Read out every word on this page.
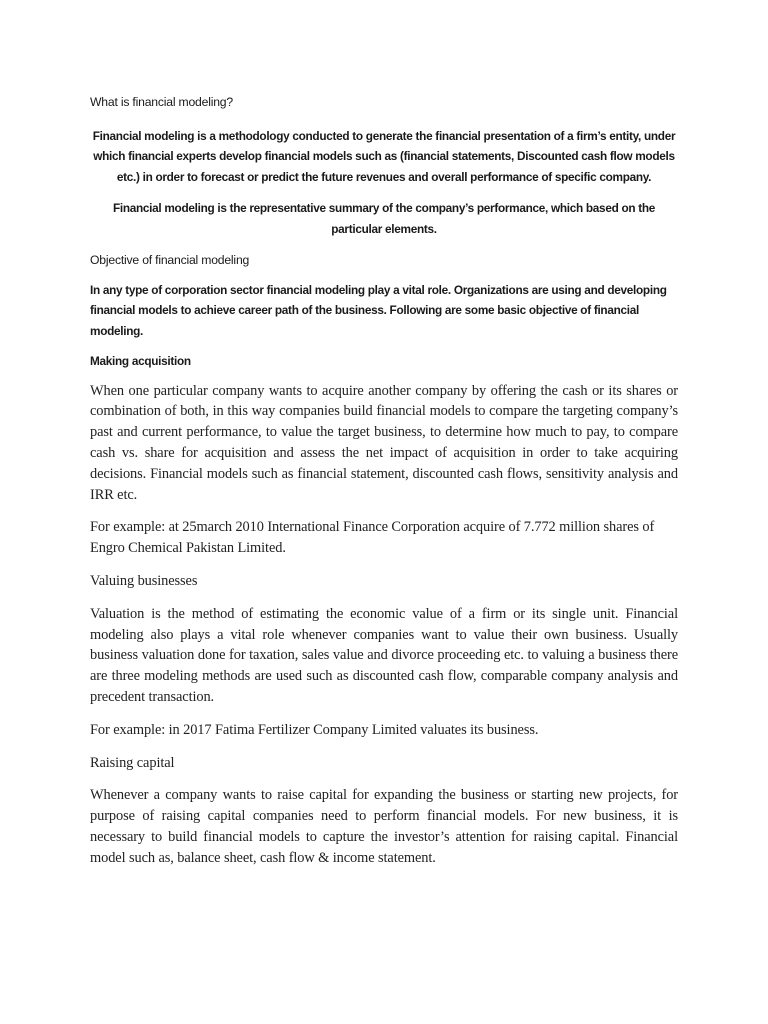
What is financial modeling?

Financial modeling is a methodology conducted to generate the financial presentation of a firm’s entity, under which financial experts develop financial models such as (financial statements, Discounted cash flow models etc.) in order to forecast or predict the future revenues and overall performance of specific company.

Financial modeling is the representative summary of the company’s performance, which based on the particular elements.

Objective of financial modeling

In any type of corporation sector financial modeling play a vital role. Organizations are using and developing financial models to achieve career path of the business. Following are some basic objective of financial modeling.

Making acquisition

When one particular company wants to acquire another company by offering the cash or its shares or combination of both, in this way companies build financial models to compare the targeting company’s past and current performance, to value the target business, to determine how much to pay, to compare cash vs. share for acquisition and assess the net impact of acquisition in order to take acquiring decisions. Financial models such as financial statement, discounted cash flows, sensitivity analysis and IRR etc.

For example: at 25march 2010 International Finance Corporation acquire of 7.772 million shares of Engro Chemical Pakistan Limited.

Valuing businesses

Valuation is the method of estimating the economic value of a firm or its single unit. Financial modeling also plays a vital role whenever companies want to value their own business. Usually business valuation done for taxation, sales value and divorce proceeding etc. to valuing a business there are three modeling methods are used such as discounted cash flow, comparable company analysis and precedent transaction.

For example: in 2017 Fatima Fertilizer Company Limited valuates its business.

Raising capital

Whenever a company wants to raise capital for expanding the business or starting new projects, for purpose of raising capital companies need to perform financial models. For new business, it is necessary to build financial models to capture the investor’s attention for raising capital. Financial model such as, balance sheet, cash flow & income statement.
